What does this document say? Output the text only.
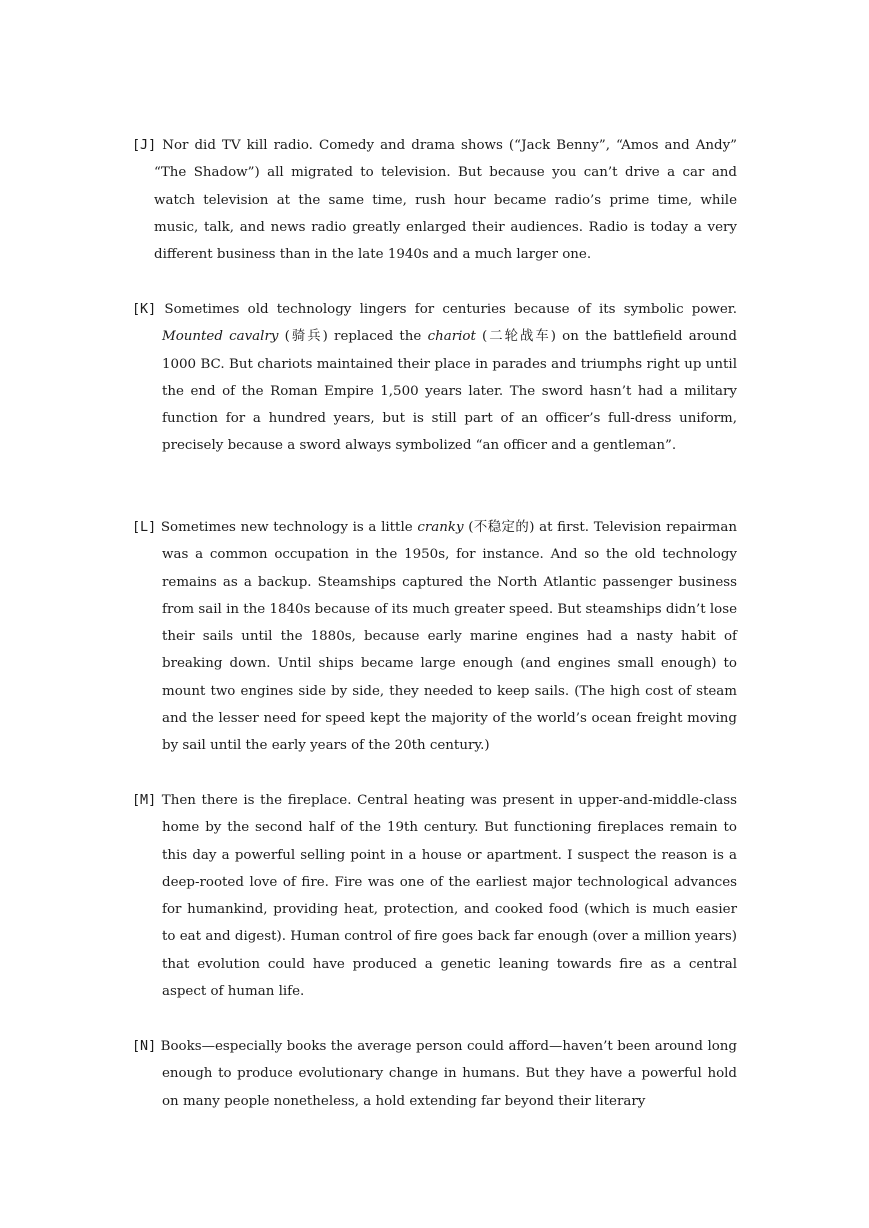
[J] Nor did TV kill radio. Comedy and drama shows (“Jack Benny”, “Amos and Andy” “The Shadow”) all migrated to television. But because you can’t drive a car and watch television at the same time, rush hour became radio’s prime time, while music, talk, and news radio greatly enlarged their audiences. Radio is today a very different business than in the late 1940s and a much larger one.

[K] Sometimes old technology lingers for centuries because of its symbolic power. Mounted cavalry (骑兵) replaced the chariot (二轮战车) on the battlefield around 1000 BC. But chariots maintained their place in parades and triumphs right up until the end of the Roman Empire 1,500 years later. The sword hasn’t had a military function for a hundred years, but is still part of an officer’s full-dress uniform, precisely because a sword always symbolized “an officer and a gentleman”.

[L] Sometimes new technology is a little cranky (不稳定的) at first. Television repairman was a common occupation in the 1950s, for instance. And so the old technology remains as a backup. Steamships captured the North Atlantic passenger business from sail in the 1840s because of its much greater speed. But steamships didn’t lose their sails until the 1880s, because early marine engines had a nasty habit of breaking down. Until ships became large enough (and engines small enough) to mount two engines side by side, they needed to keep sails. (The high cost of steam and the lesser need for speed kept the majority of the world’s ocean freight moving by sail until the early years of the 20th century.)

[M] Then there is the fireplace. Central heating was present in upper-and-middle-class home by the second half of the 19th century. But functioning fireplaces remain to this day a powerful selling point in a house or apartment. I suspect the reason is a deep-rooted love of fire. Fire was one of the earliest major technological advances for humankind, providing heat, protection, and cooked food (which is much easier to eat and digest). Human control of fire goes back far enough (over a million years) that evolution could have produced a genetic leaning towards fire as a central aspect of human life.

[N] Books—especially books the average person could afford—haven’t been around long enough to produce evolutionary change in humans. But they have a powerful hold on many people nonetheless, a hold extending far beyond their literary
